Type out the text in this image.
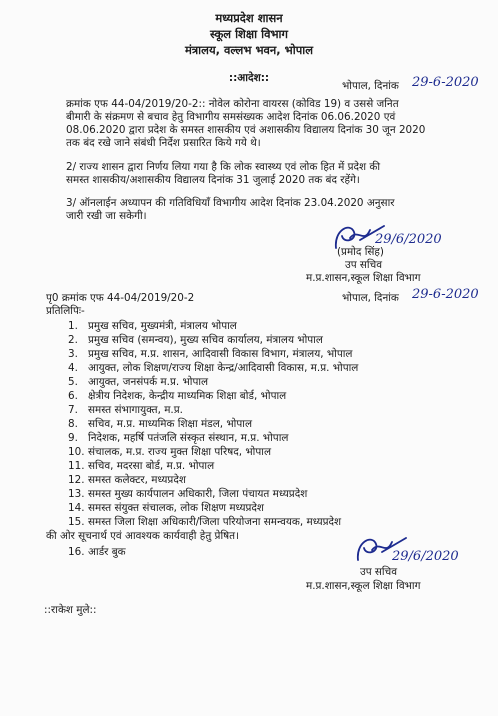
मध्यप्रदेश शासन
स्कूल शिक्षा विभाग
मंत्रालय, वल्लभ भवन, भोपाल
::आदेश::
भोपाल, दिनांक 29-6-2020
क्रमांक एफ 44-04/2019/20-2:: नोवेल कोरोना वायरस (कोविड 19) व उससे जनित
बीमारी के संक्रमण से बचाव हेतु विभागीय समसंख्यक आदेश दिनांक 06.06.2020 एवं
08.06.2020 द्वारा प्रदेश के समस्त शासकीय एवं अशासकीय विद्यालय दिनांक 30 जून 2020
तक बंद रखे जाने संबंधी निर्देश प्रसारित किये गये थे।
2/ राज्य शासन द्वारा निर्णय लिया गया है कि लोक स्वास्थ्य एवं लोक हित में प्रदेश की
समस्त शासकीय/अशासकीय विद्यालय दिनांक 31 जुलाई 2020 तक बंद रहेंगे।
3/ ऑनलाईन अध्यापन की गतिविधियॉं विभागीय आदेश दिनांक 23.04.2020 अनुसार
जारी रखी जा सकेगी।
29/6/2020
(प्रमोद सिंह)
उप सचिव
म.प्र.शासन,स्कूल शिक्षा विभाग
पृ0 क्रमांक एफ 44-04/2019/20-2	भोपाल, दिनांक 29-6-2020
प्रतिलिपिः-
1. प्रमुख सचिव, मुख्यमंत्री, मंत्रालय भोपाल
2. प्रमुख सचिव (समन्वय), मुख्य सचिव कार्यालय, मंत्रालय भोपाल
3. प्रमुख सचिव, म.प्र. शासन, आदिवासी विकास विभाग, मंत्रालय, भोपाल
4. आयुक्त, लोक शिक्षण/राज्य शिक्षा केन्द्र/आदिवासी विकास, म.प्र. भोपाल
5. आयुक्त, जनसंपर्क म.प्र. भोपाल
6. क्षेत्रीय निदेशक, केन्द्रीय माध्यमिक शिक्षा बोर्ड, भोपाल
7. समस्त संभागायुक्त, म.प्र.
8. सचिव, म.प्र. माध्यमिक शिक्षा मंडल, भोपाल
9. निदेशक, महर्षि पतंजलि संस्कृत संस्थान, म.प्र. भोपाल
10. संचालक, म.प्र. राज्य मुक्त शिक्षा परिषद, भोपाल
11. सचिव, मदरसा बोर्ड, म.प्र. भोपाल
12. समस्त कलेक्टर, मध्यप्रदेश
13. समस्त मुख्य कार्यपालन अधिकारी, जिला पंचायत मध्यप्रदेश
14. समस्त संयुक्त संचालक, लोक शिक्षण मध्यप्रदेश
15. समस्त जिला शिक्षा अधिकारी/जिला परियोजना समन्वयक, मध्यप्रदेश
की ओर सूचनार्थ एवं आवश्यक कार्यवाही हेतु प्रेषित।
16. आर्डर बुक	29/6/2020
उप सचिव
म.प्र.शासन,स्कूल शिक्षा विभाग
::राकेश मुले::
